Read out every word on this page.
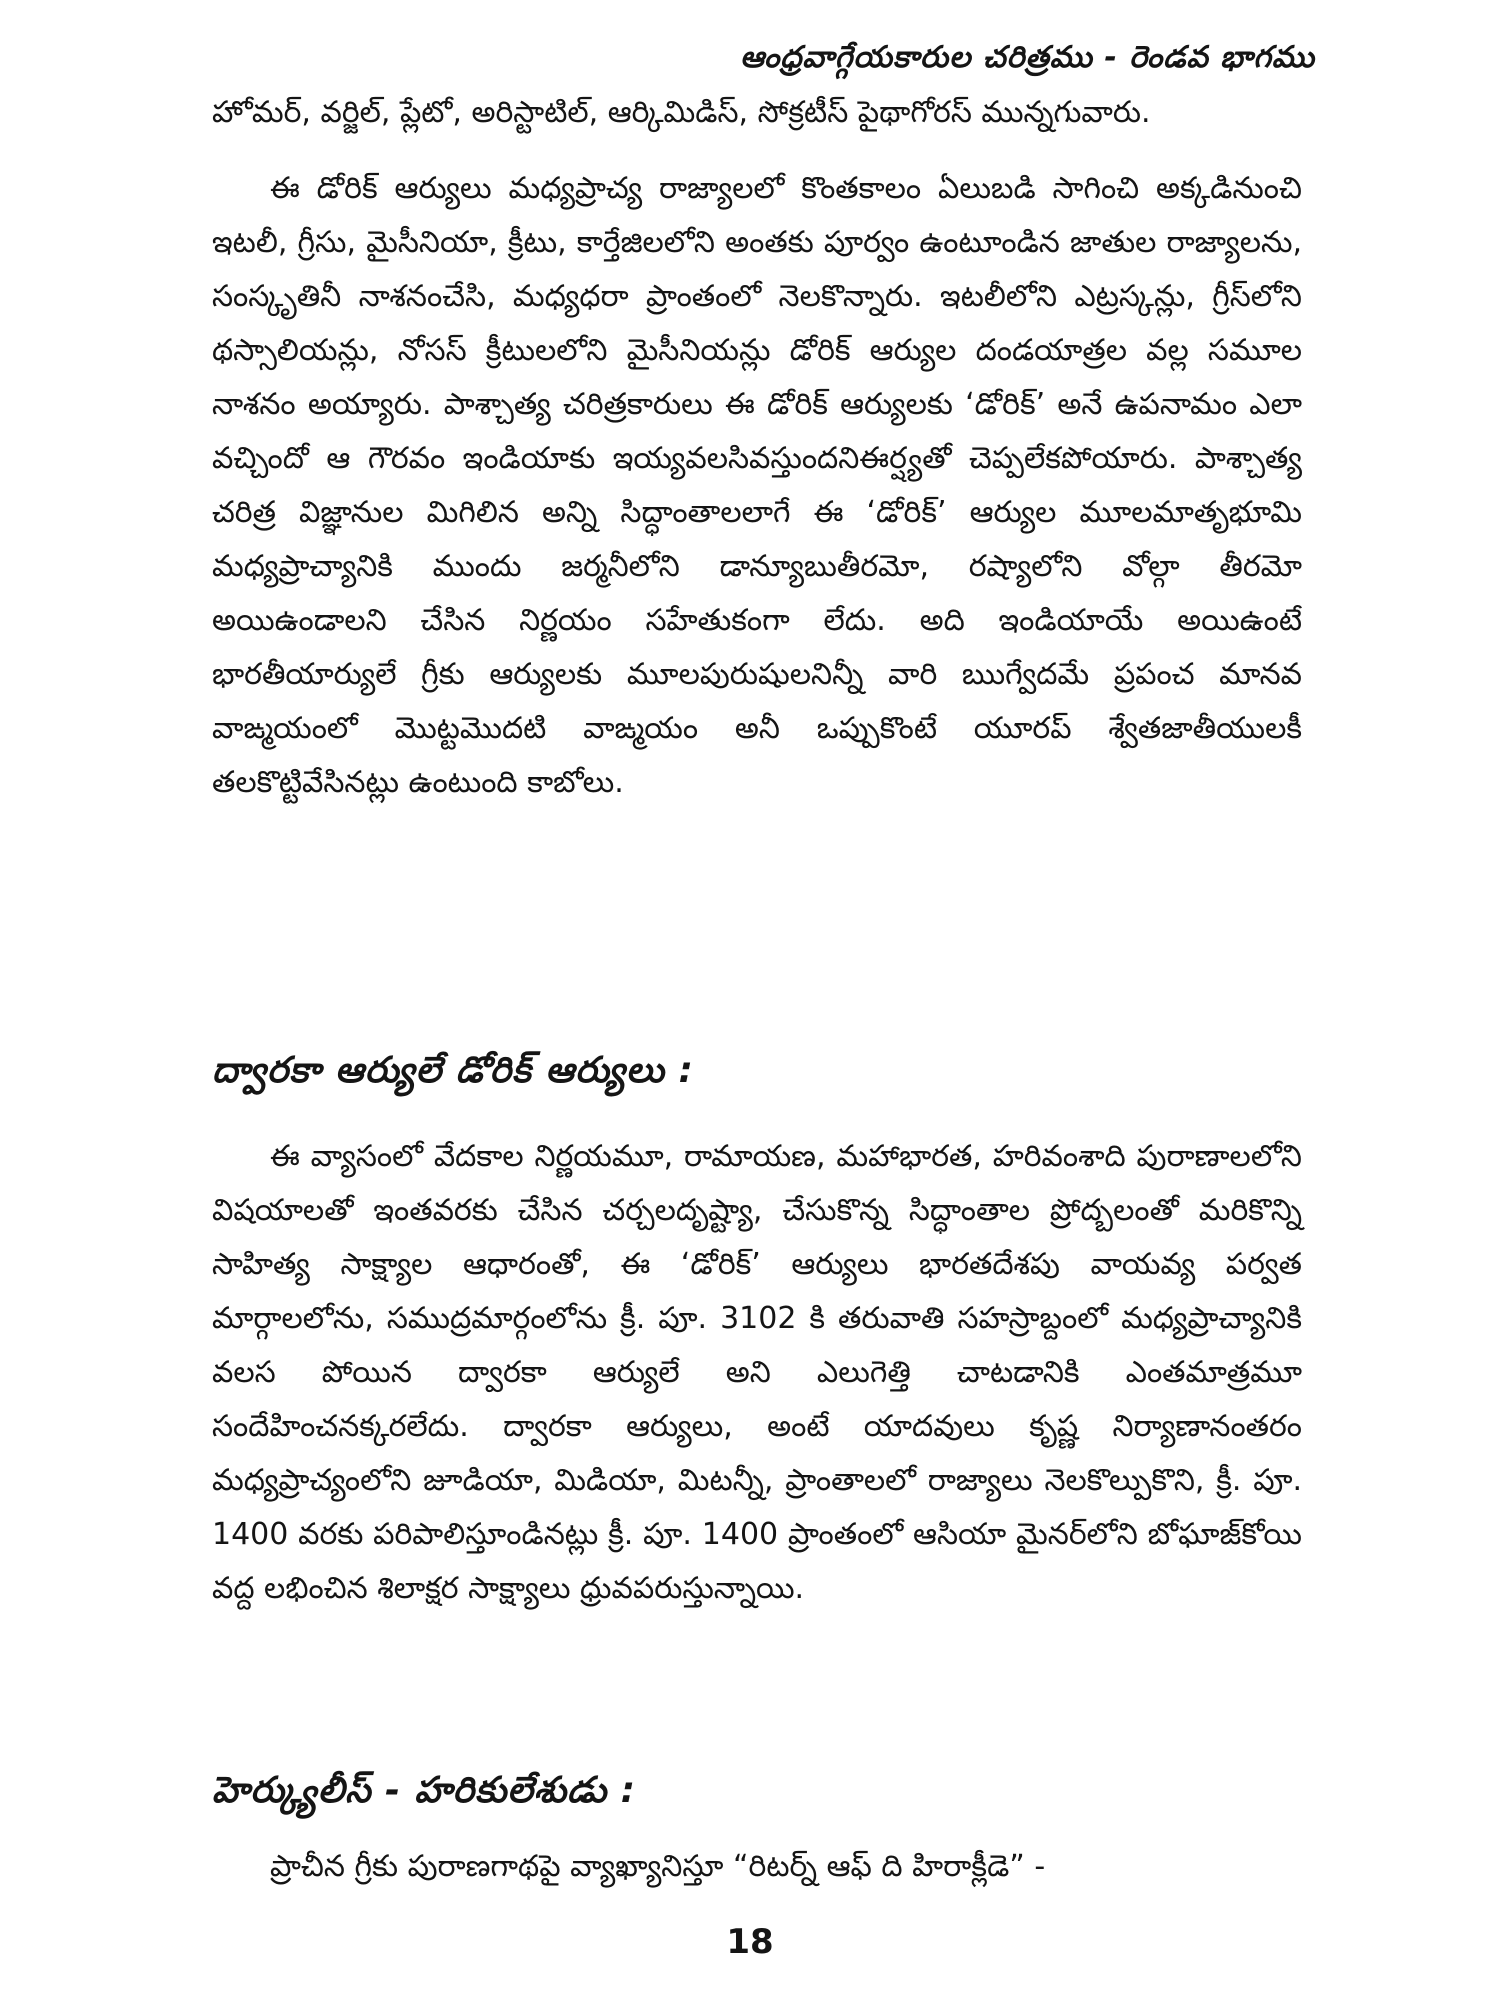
ఆంధ్రవాగ్గేయకారుల చరిత్రము - రెండవ భాగము

హోమర్, వర్జిల్, ప్లేటో, అరిస్టాటిల్, ఆర్కిమిడిస్, సోక్రటీస్ పైథాగోరస్ మున్నగువారు.

ఈ డోరిక్ ఆర్యులు మధ్యప్రాచ్య రాజ్యాలలో కొంతకాలం ఏలుబడి సాగించి అక్కడినుంచి ఇటలీ, గ్రీసు, మైసీనియా, క్రీటు, కార్తేజిలలోని అంతకు పూర్వం ఉంటూండిన జాతుల రాజ్యాలను, సంస్కృతినీ నాశనంచేసి, మధ్యధరా ప్రాంతంలో నెలకొన్నారు. ఇటలీలోని ఎట్రస్కన్లు, గ్రీస్‌లోని థస్సాలియన్లు, నోసస్ క్రీటులలోని మైసీనియన్లు డోరిక్ ఆర్యుల దండయాత్రల వల్ల సమూల నాశనం అయ్యారు. పాశ్చాత్య చరిత్రకారులు ఈ డోరిక్ ఆర్యులకు ‘డోరిక్’ అనే ఉపనామం ఎలా వచ్చిందో ఆ గౌరవం ఇండియాకు ఇయ్యవలసివస్తుందనిఈర్ష్యతో చెప్పలేకపోయారు. పాశ్చాత్య చరిత్ర విజ్ఞానుల మిగిలిన అన్ని సిద్ధాంతాలలాగే ఈ ‘డోరిక్’ ఆర్యుల మూలమాతృభూమి మధ్యప్రాచ్యానికి ముందు జర్మనీలోని డాన్యూబుతీరమో, రష్యాలోని వోల్గా తీరమో అయిఉండాలని చేసిన నిర్ణయం సహేతుకంగా లేదు. అది ఇండియాయే అయిఉంటే భారతీయార్యులే గ్రీకు ఆర్యులకు మూలపురుషులనిన్నీ వారి ఋగ్వేదమే ప్రపంచ మానవ వాఙ్మయంలో మొట్టమొదటి వాఙ్మయం అనీ ఒప్పుకొంటే యూరప్ శ్వేతజాతీయులకీ తలకొట్టివేసినట్లు ఉంటుంది కాబోలు.

ద్వారకా ఆర్యులే డోరిక్ ఆర్యులు :

ఈ వ్యాసంలో వేదకాల నిర్ణయమూ, రామాయణ, మహాభారత, హరివంశాది పురాణాలలోని విషయాలతో ఇంతవరకు చేసిన చర్చలదృష్ట్యా, చేసుకొన్న సిద్ధాంతాల ప్రోద్బలంతో మరికొన్ని సాహిత్య సాక్ష్యాల ఆధారంతో, ఈ ‘డోరిక్’ ఆర్యులు భారతదేశపు వాయవ్య పర్వత మార్గాలలోను, సముద్రమార్గంలోను క్రీ. పూ. 3102 కి తరువాతి సహస్రాబ్దంలో మధ్యప్రాచ్యానికి వలస పోయిన ద్వారకా ఆర్యులే అని ఎలుగెత్తి చాటడానికి ఎంతమాత్రమూ సందేహించనక్కరలేదు. ద్వారకా ఆర్యులు, అంటే యాదవులు కృష్ణ నిర్యాణానంతరం మధ్యప్రాచ్యంలోని జూడియా, మిడియా, మిటన్నీ, ప్రాంతాలలో రాజ్యాలు నెలకొల్పుకొని, క్రీ. పూ. 1400 వరకు పరిపాలిస్తూండినట్లు క్రీ. పూ. 1400 ప్రాంతంలో ఆసియా మైనర్‌లోని బోఘాజ్‌కోయి వద్ద లభించిన శిలాక్షర సాక్ష్యాలు ధ్రువపరుస్తున్నాయి.

హెర్క్యులీస్ - హరికులేశుడు :

ప్రాచీన గ్రీకు పురాణగాథపై వ్యాఖ్యానిస్తూ “రిటర్న్ ఆఫ్ ది హిరాక్లీడె” -

18
